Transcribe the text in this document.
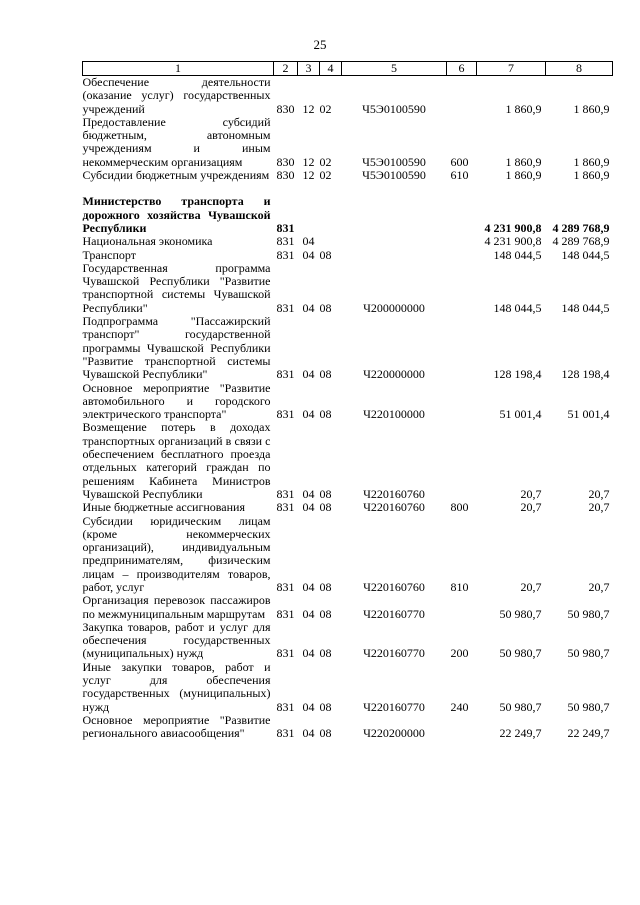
25
1	2	3	4	5	6	7	8
Обеспечение деятельности (оказание услуг) государственных учреждений	830	12	02	Ч5Э0100590		1 860,9	1 860,9
Предоставление субсидий бюджетным, автономным учреждениям и иным некоммерческим организациям	830	12	02	Ч5Э0100590	600	1 860,9	1 860,9
Субсидии бюджетным учреждениям	830	12	02	Ч5Э0100590	610	1 860,9	1 860,9

Министерство транспорта и дорожного хозяйства Чувашской Республики	831					4 231 900,8	4 289 768,9
Национальная экономика	831	04				4 231 900,8	4 289 768,9
Транспорт	831	04	08			148 044,5	148 044,5
Государственная программа Чувашской Республики "Развитие транспортной системы Чувашской Республики"	831	04	08	Ч200000000		148 044,5	148 044,5
Подпрограмма "Пассажирский транспорт" государственной программы Чувашской Республики "Развитие транспортной системы Чувашской Республики"	831	04	08	Ч220000000		128 198,4	128 198,4
Основное мероприятие "Развитие автомобильного и городского электрического транспорта"	831	04	08	Ч220100000		51 001,4	51 001,4
Возмещение потерь в доходах транспортных организаций в связи с обеспечением бесплатного проезда отдельных категорий граждан по решениям Кабинета Министров Чувашской Республики	831	04	08	Ч220160760		20,7	20,7
Иные бюджетные ассигнования	831	04	08	Ч220160760	800	20,7	20,7
Субсидии юридическим лицам (кроме некоммерческих организаций), индивидуальным предпринимателям, физическим лицам – производителям товаров, работ, услуг	831	04	08	Ч220160760	810	20,7	20,7
Организация перевозок пассажиров по межмуниципальным маршрутам	831	04	08	Ч220160770		50 980,7	50 980,7
Закупка товаров, работ и услуг для обеспечения государственных (муниципальных) нужд	831	04	08	Ч220160770	200	50 980,7	50 980,7
Иные закупки товаров, работ и услуг для обеспечения государственных (муниципальных) нужд	831	04	08	Ч220160770	240	50 980,7	50 980,7
Основное мероприятие "Развитие регионального авиасообщения"	831	04	08	Ч220200000		22 249,7	22 249,7
